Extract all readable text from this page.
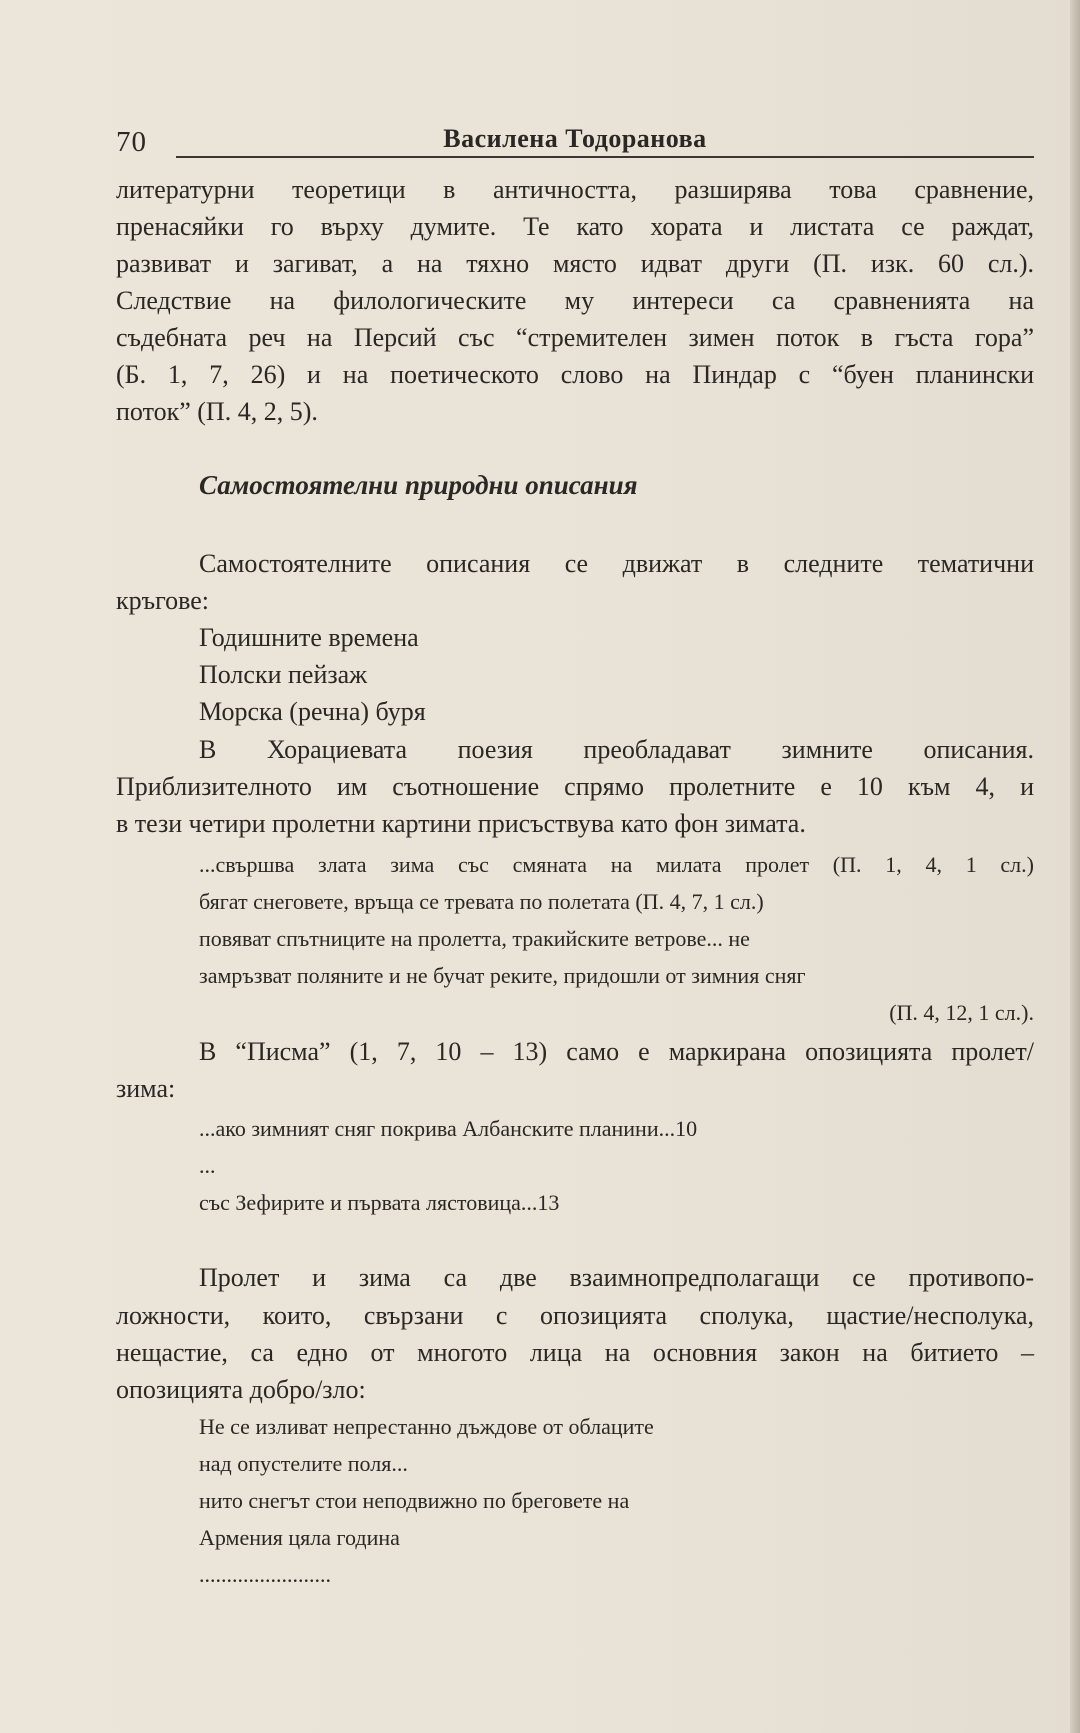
70	Василена Тодоранова

литературни теоретици в античността, разширява това сравнение,

пренасяйки го върху думите. Те като хората и листата се раждат,

развиват и загиват, а на тяхно място идват други (П. изк. 60 сл.).

Следствие на филологическите му интереси са сравненията на

съдебната реч на Персий със “стремителен зимен поток в гъста гора”

(Б. 1, 7, 26) и на поетическото слово на Пиндар с “буен планински

поток” (П. 4, 2, 5).

Самостоятелни природни описания

Самостоятелните описания се движат в следните тематични

кръгове:

Годишните времена
Полски пейзаж
Морска (речна) буря

В Хорациевата поезия преобладават зимните описания.

Приблизителното им съотношение спрямо пролетните е 10 към 4, и

в тези четири пролетни картини присъствува като фон зимата.

...свършва злата зима със смяната на милата пролет (П. 1, 4, 1 сл.)
бягат снеговете, връща се тревата по полетата (П. 4, 7, 1 сл.)
повяват спътниците на пролетта, тракийските ветрове... не
замръзват поляните и не бучат реките, придошли от зимния сняг
(П. 4, 12, 1 сл.).

В “Писма” (1, 7, 10 – 13) само е маркирана опозицията пролет/

зима:

...ако зимният сняг покрива Албанските планини...10
...
със Зефирите и първата лястовица...13

Пролет и зима са две взаимнопредполагащи се противопо-

ложности, които, свързани с опозицията сполука, щастие/несполука,

нещастие, са едно от многото лица на основния закон на битието –

опозицията добро/зло:

Не се изливат непрестанно дъждове от облаците
над опустелите поля...
нито снегът стои неподвижно по бреговете на
Армения цяла година
........................
